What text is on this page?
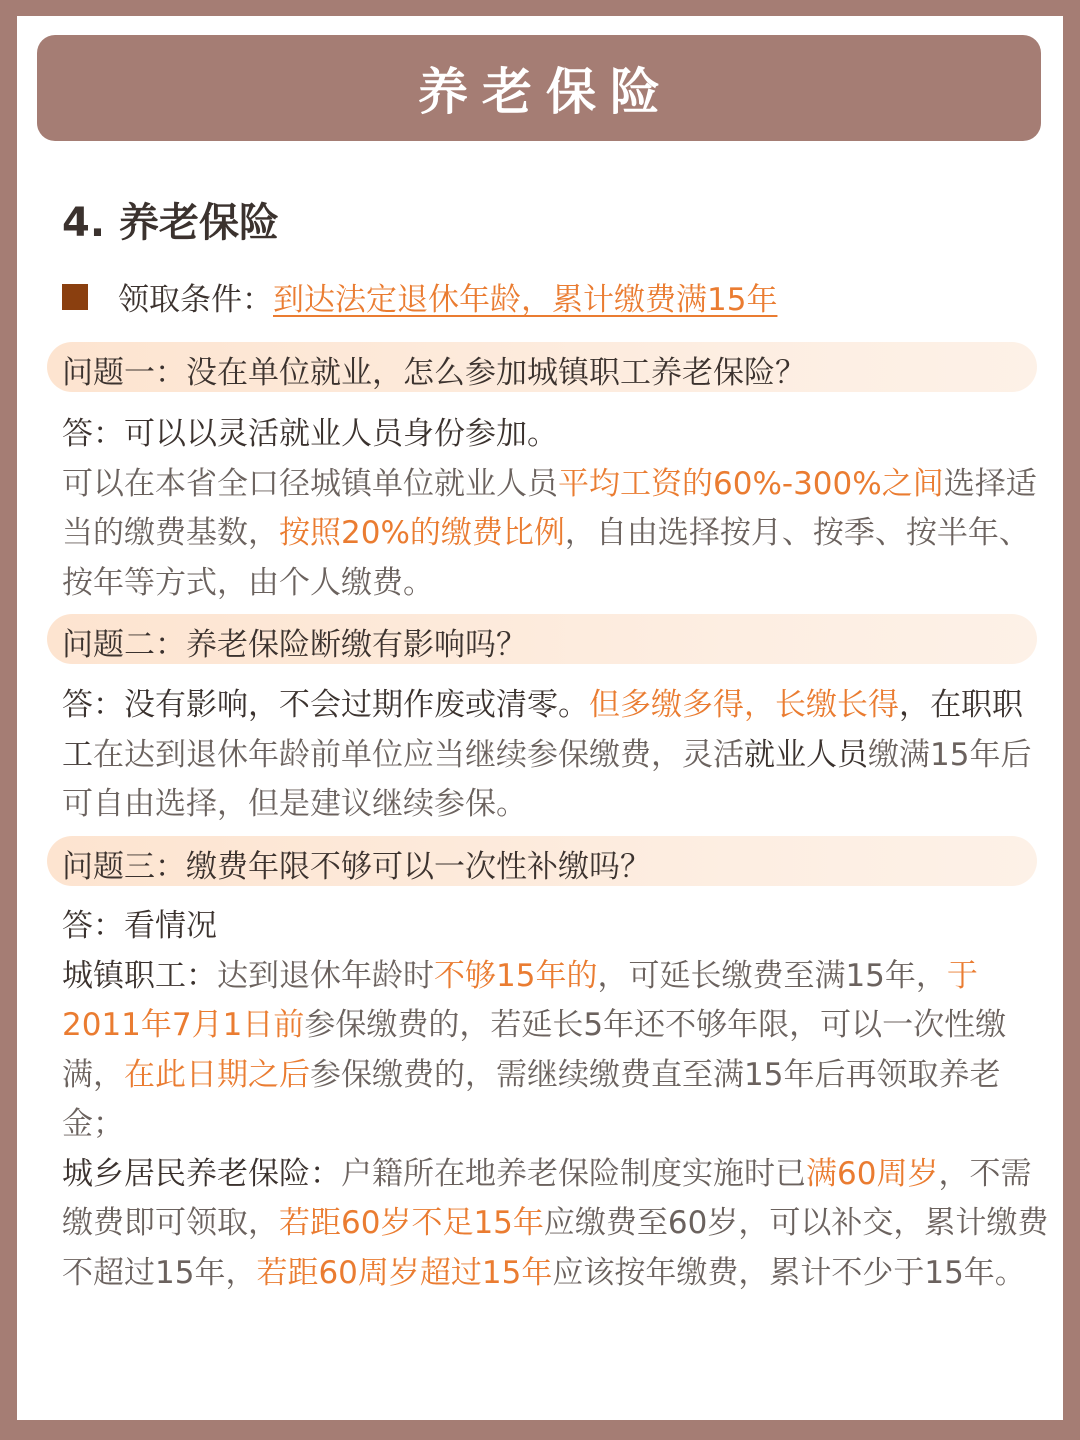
养老保险
4. 养老保险
领取条件： 到达法定退休年龄，累计缴费满15年
问题一：没在单位就业，怎么参加城镇职工养老保险？
答：可以以灵活就业人员身份参加。
可以在本省全口径城镇单位就业人员平均工资的60%-300%之间选择适当的缴费基数，按照20%的缴费比例，自由选择按月、按季、按半年、按年等方式，由个人缴费。
问题二：养老保险断缴有影响吗？
答：没有影响，不会过期作废或清零。但多缴多得，长缴长得，在职职工在达到退休年龄前单位应当继续参保缴费，灵活就业人员缴满15年后可自由选择，但是建议继续参保。
问题三：缴费年限不够可以一次性补缴吗？
答：看情况
城镇职工：达到退休年龄时不够15年的，可延长缴费至满15年，于2011年7月1日前参保缴费的，若延长5年还不够年限，可以一次性缴满，在此日期之后参保缴费的，需继续缴费直至满15年后再领取养老金；
城乡居民养老保险：户籍所在地养老保险制度实施时已满60周岁，不需缴费即可领取，若距60岁不足15年应缴费至60岁，可以补交，累计缴费不超过15年，若距60周岁超过15年应该按年缴费，累计不少于15年。
